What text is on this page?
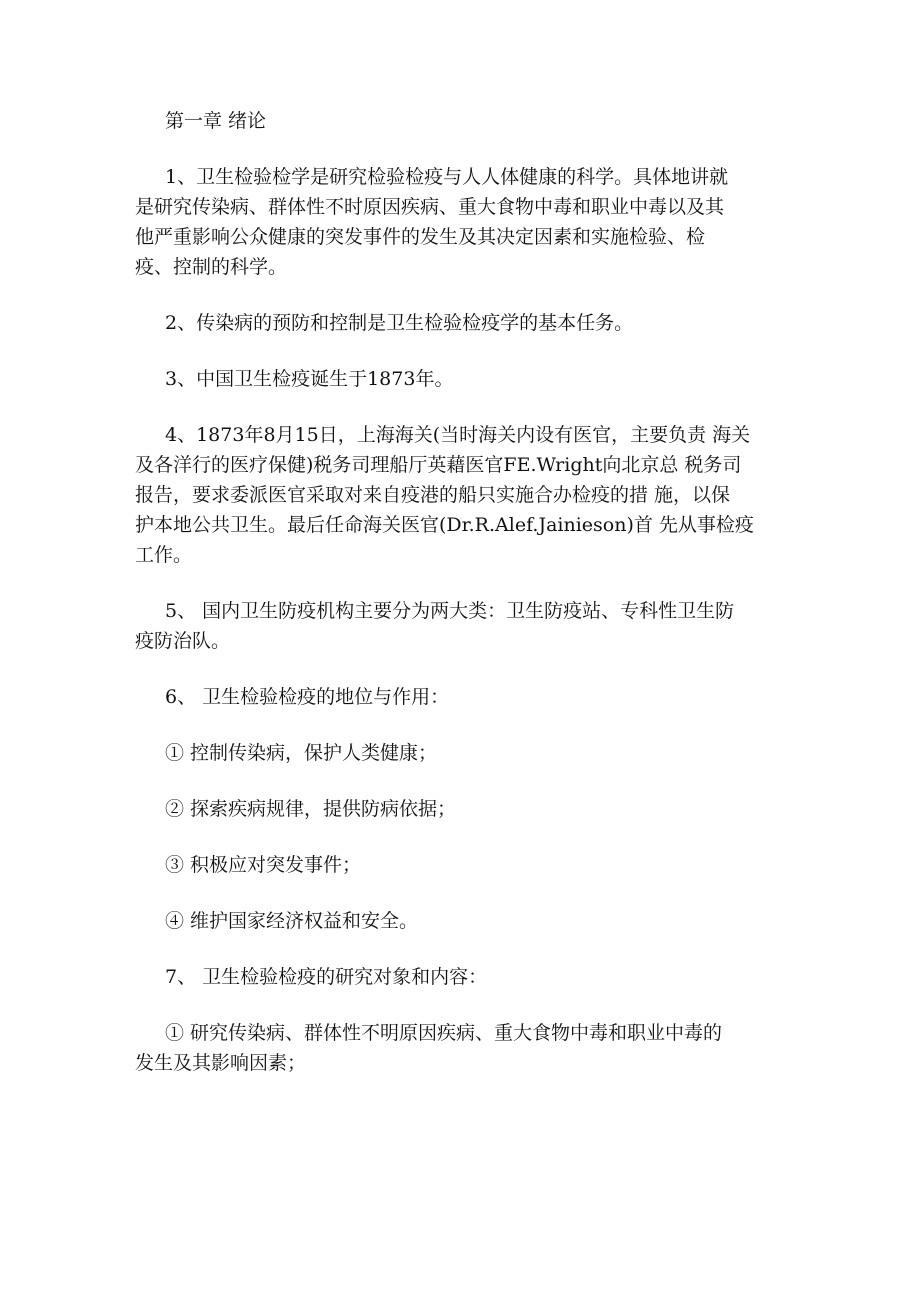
第一章 绪论
1、卫生检验检学是研究检验检疫与人人体健康的科学。具体地讲就
是研究传染病、群体性不时原因疾病、重大食物中毒和职业中毒以及其
他严重影响公众健康的突发事件的发生及其决定因素和实施检验、检
疫、控制的科学。
2、传染病的预防和控制是卫生检验检疫学的基本任务。
3、中国卫生检疫诞生于1873年。
4、1873年8月15日，上海海关(当时海关内设有医官，主要负责 海关
及各洋行的医疗保健)税务司理船厅英藉医官FE.Wright向北京总 税务司
报告，要求委派医官采取对来自疫港的船只实施合办检疫的措 施，以保
护本地公共卫生。最后任命海关医官(Dr.R.Alef.Jainieson)首 先从事检疫
工作。
5、 国内卫生防疫机构主要分为两大类：卫生防疫站、专科性卫生防
疫防治队。
6、 卫生检验检疫的地位与作用：
① 控制传染病，保护人类健康；
② 探索疾病规律，提供防病依据；
③ 积极应对突发事件；
④ 维护国家经济权益和安全。
7、 卫生检验检疫的研究对象和内容：
① 研究传染病、群体性不明原因疾病、重大食物中毒和职业中毒的
发生及其影响因素；
